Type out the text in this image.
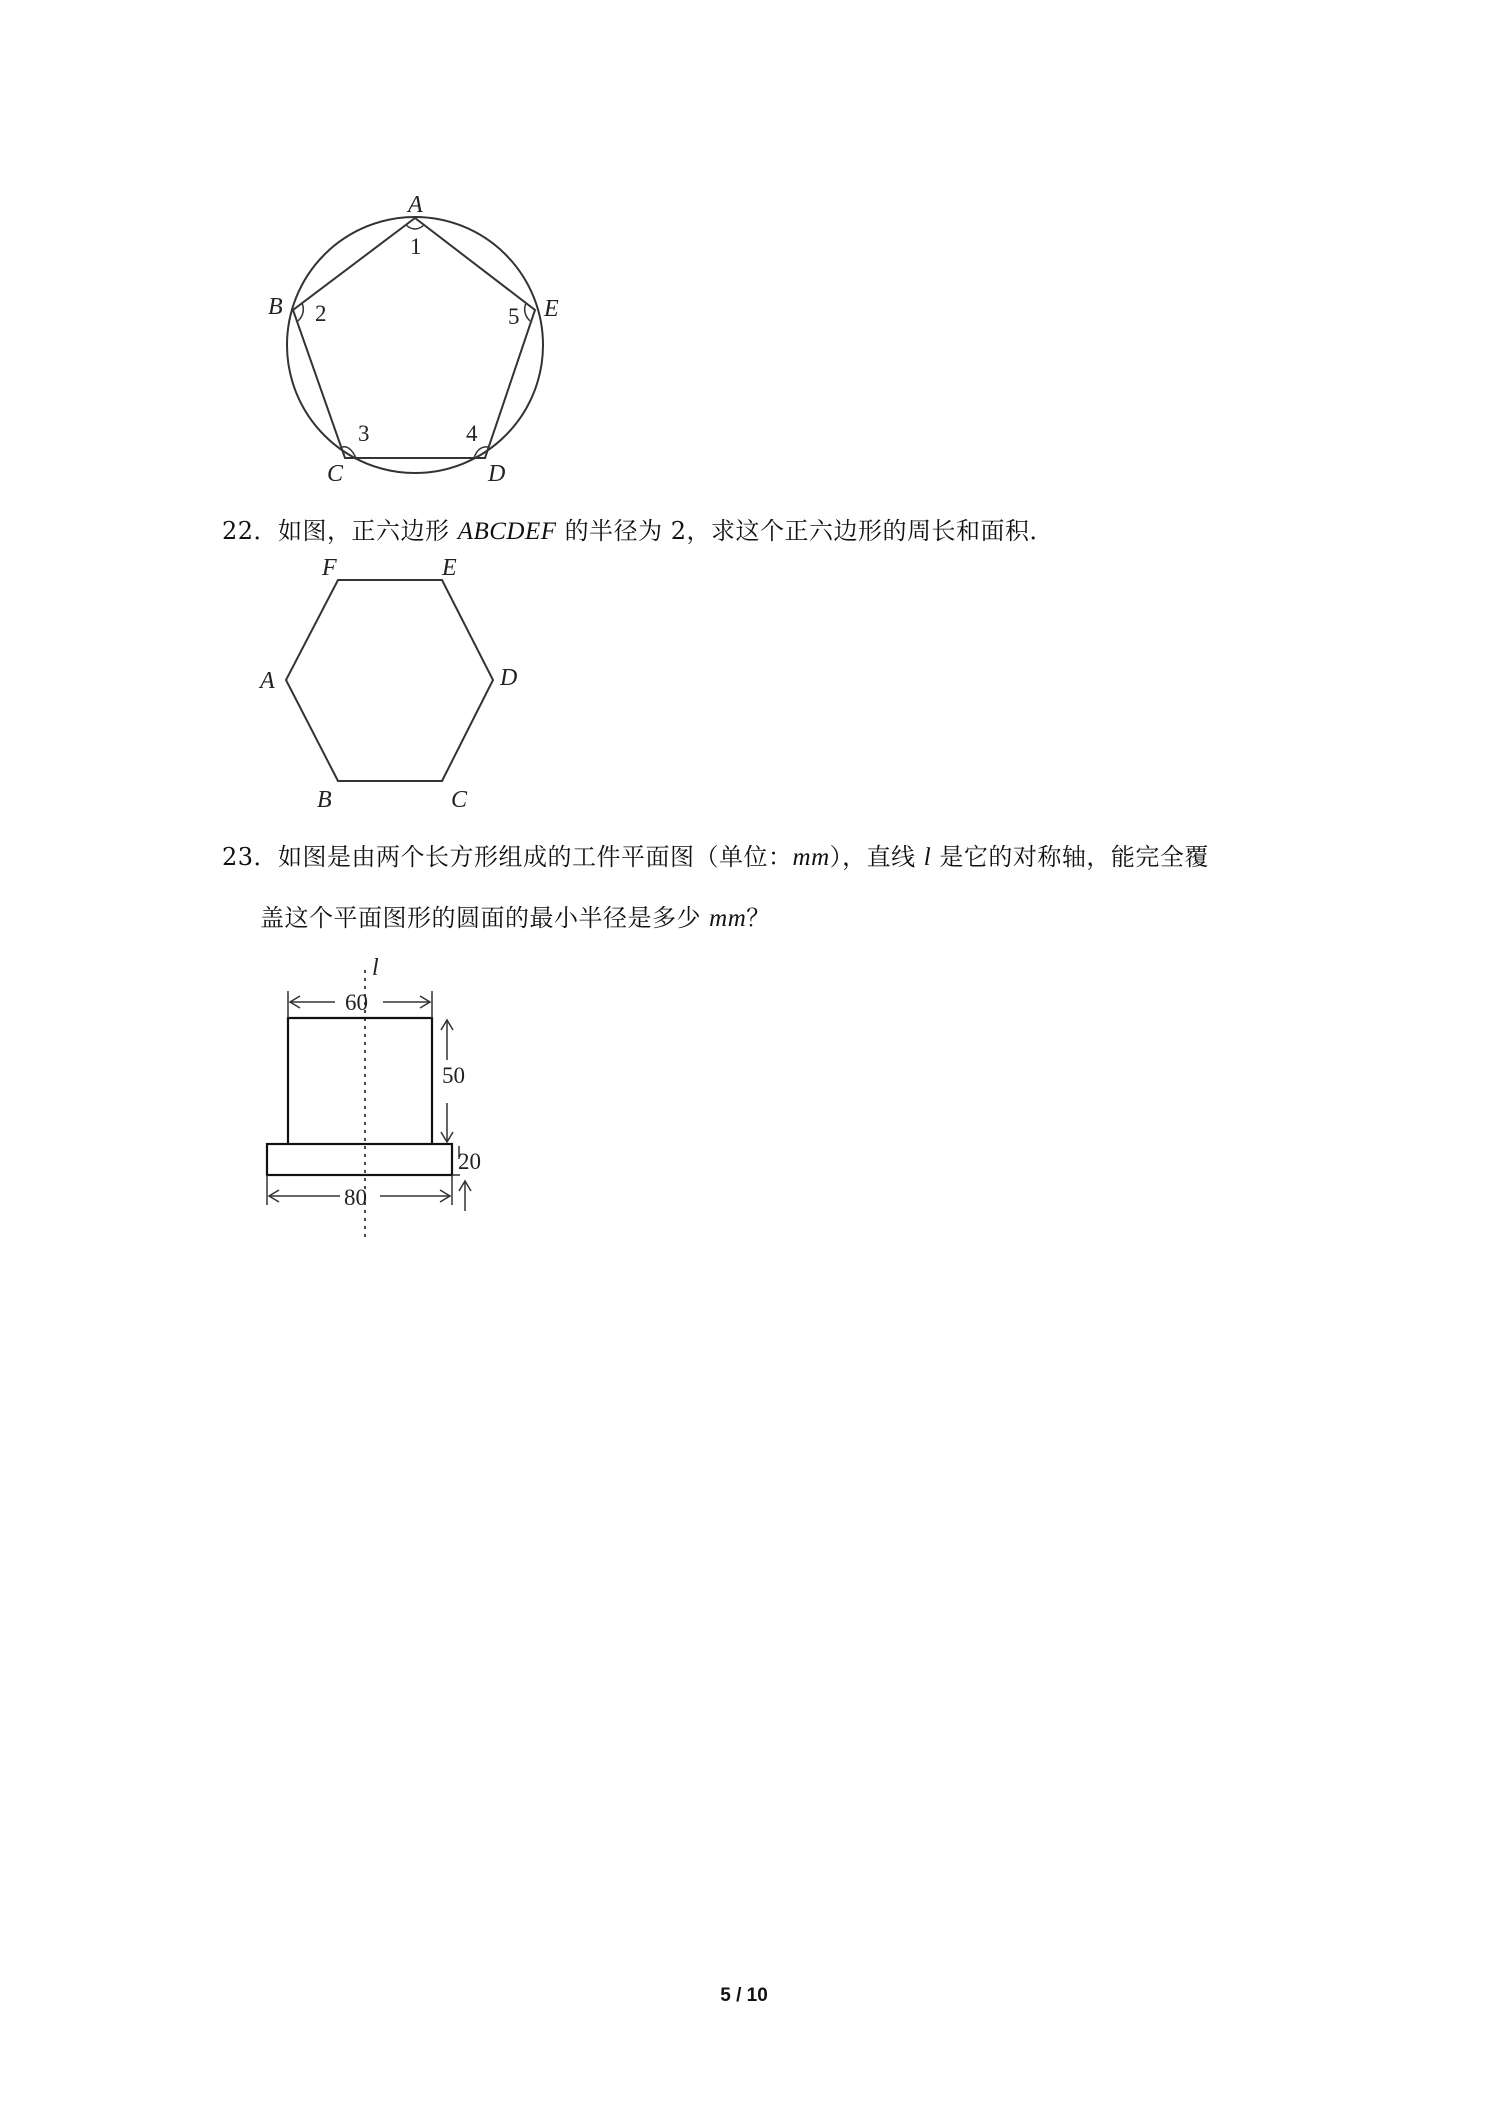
A
B
C	D
E
1
2
3	4
5
22．如图，正六边形 ABCDEF 的半径为 2，求这个正六边形的周长和面积．
F	E
A	D
B	C
23．如图是由两个长方形组成的工件平面图（单位：mm），直线 l 是它的对称轴，能完全覆
盖这个平面图形的圆面的最小半径是多少 mm？
l
60
50
20
80
5 / 10
